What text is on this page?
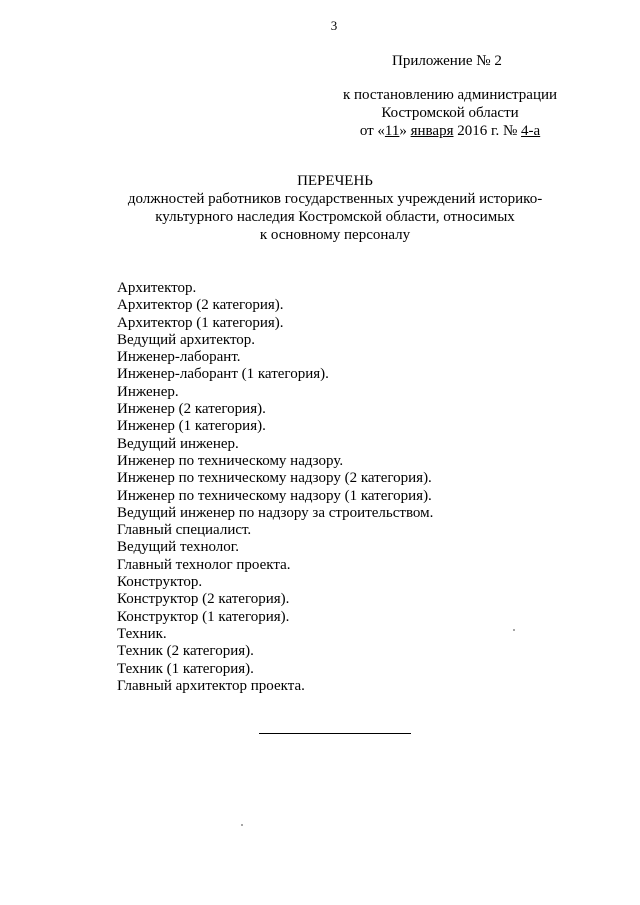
3
Приложение № 2
к постановлению администрации
Костромской области
от «11» января 2016 г. № 4-а
ПЕРЕЧЕНЬ
должностей работников государственных учреждений историко-
культурного наследия Костромской области, относимых
к основному персоналу
Архитектор.
Архитектор (2 категория).
Архитектор (1 категория).
Ведущий архитектор.
Инженер-лаборант.
Инженер-лаборант (1 категория).
Инженер.
Инженер (2 категория).
Инженер (1 категория).
Ведущий инженер.
Инженер по техническому надзору.
Инженер по техническому надзору (2 категория).
Инженер по техническому надзору (1 категория).
Ведущий инженер по надзору за строительством.
Главный специалист.
Ведущий технолог.
Главный технолог проекта.
Конструктор.
Конструктор (2 категория).
Конструктор (1 категория).
Техник.
Техник (2 категория).
Техник (1 категория).
Главный архитектор проекта.
